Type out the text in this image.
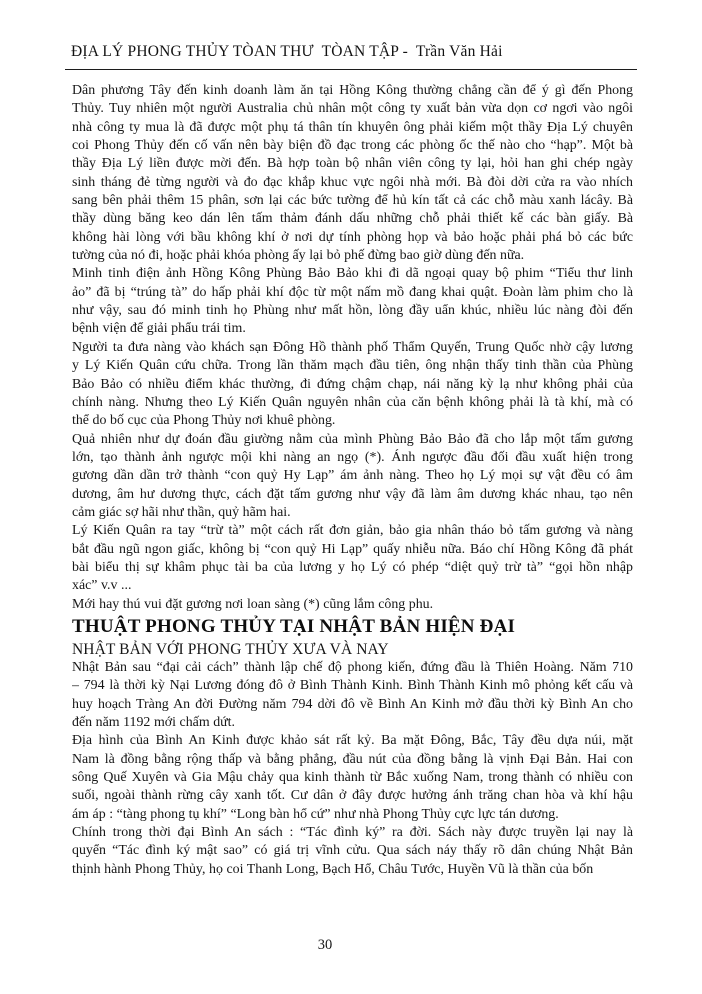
ĐỊA LÝ PHONG THỦY TÒAN THƯ  TÒAN TẬP -  Trần Văn Hải
Dân phương Tây đến kinh doanh làm ăn tại Hồng Kông thường chẳng cần để ý gì đến Phong
Thủy. Tuy nhiên một người Australia chủ nhân một công ty xuất bản vừa dọn cơ ngơi vào ngôi
nhà công ty mua là đã được một phụ tá thân tín khuyên ông phải kiếm một thầy Địa Lý chuyên
coi Phong Thủy đến cố vấn nên bày biện đồ đạc trong các phòng ốc thế nào cho “hạp”. Một bà
thầy Địa Lý liền được mời đến. Bà hợp toàn bộ nhân viên công ty lại, hỏi han ghi chép ngày
sinh tháng đẻ từng người và đo đạc khắp khuc vực ngôi nhà mới. Bà đòi dời cửa ra vào nhích
sang bên phải thêm 15 phân, sơn lại các bức tường để hủ kín tất cả các chỗ màu xanh lácây. Bà
thầy dùng băng keo dán lên tấm thảm đánh dấu những chỗ phải thiết kế các bàn giấy. Bà
không hài lòng với bầu không khí ở nơi dự tính phòng họp và bảo hoặc phải phá bỏ các bức
tường của nó đi, hoặc phải khóa phòng ấy lại bỏ phế đừng bao giờ dùng đến nữa.
Minh tinh điện ảnh Hồng Kông Phùng Bảo Bảo khi đi dã ngoại quay bộ phim “Tiểu thư linh
ảo” đã bị “trúng tà” do hấp phải khí độc từ một nấm mồ đang khai quật. Đoàn làm phim cho là
như vậy, sau đó minh tinh họ Phùng như mất hồn, lòng đầy uẩn khúc, nhiều lúc nàng đòi đến
bệnh viện để giải phẩu trái tim.
Người ta đưa nàng vào khách sạn Đông Hồ thành phố Thẩm Quyến, Trung Quốc nhờ cậy lương
y Lý Kiến Quân cứu chữa. Trong lần thăm mạch đầu tiên, ông nhận thấy tinh thần của Phùng
Bảo Bảo có nhiều điểm khác thường, đi đứng chậm chạp, nái năng kỳ lạ như không phải của
chính nàng. Nhưng theo Lý Kiến Quân nguyên nhân của căn bệnh không phải là tà khí, mà có
thể do bố cục của Phong Thủy nơi khuê phòng.
Quả nhiên như dự đoán đầu giường nằm của mình Phùng Bảo Bảo đã cho lắp một tấm gương
lớn, tạo thành ảnh ngược mội khi nàng an ngọ (*). Ánh ngược đầu đối đầu xuất hiện trong
gương dần dần trở thành “con quỷ Hy Lạp” ám ảnh nàng. Theo họ Lý mọi sự vật đều có âm
dương, âm hư dương thực, cách đặt tấm gương như vậy đã làm âm dương khác nhau, tạo nên
cảm giác sợ hãi như thần, quỷ hãm hai.
Lý Kiến Quân ra tay “trừ tà” một cách rất đơn giản, bảo gia nhân tháo bỏ tấm gương và nàng
bắt đầu ngũ ngon giấc, không bị “con quỷ Hi Lạp” quấy nhiễu nữa. Báo chí Hồng Kông đã phát
bài biểu thị sự khâm phục tài ba của lương y họ Lý có phép “diệt quỷ trừ tà” “gọi hồn nhập
xác” v.v ...
Mới hay thú vui đặt gương nơi loan sàng (*) cũng lắm công phu.
THUẬT PHONG THỦY TẠI NHẬT BẢN HIỆN ĐẠI
NHẬT BẢN VỚI PHONG THỦY XƯA VÀ NAY
Nhật Bản sau “đại cải cách” thành lập chế độ phong kiến, đứng đầu là Thiên Hoàng. Năm 710
– 794 là thời kỳ Nại Lương đóng đô ở Bình Thành Kinh. Bình Thành Kinh mô phỏng kết cấu và
huy hoạch Tràng An đời Đường năm 794 dời đô về Bình An Kinh mở đầu thời kỳ Bình An cho
đến năm 1192 mới chấm dứt.
Địa hình của Bình An Kinh được khảo sát rất kỷ. Ba mặt Đông, Bắc, Tây đều dựa núi, mặt
Nam là đồng bằng rộng thấp và bằng phẳng, đầu nút của đồng bằng là vịnh Đại Bản. Hai con
sông Quế Xuyên và Gia Mậu chảy qua kinh thành từ Bắc xuống Nam, trong thành có nhiều con
suối, ngoài thành rừng cây xanh tốt. Cư dân ở đây được hưởng ánh trăng chan hòa và khí hậu
ám áp : “tàng phong tụ khí” “Long bàn hổ cứ” như nhà Phong Thủy cực lực tán dương.
Chính trong thời đại Bình An sách : “Tác đình ký” ra đời. Sách này được truyền lại nay là
quyển “Tác đình ký mật sao” có giá trị vĩnh cửu. Qua sách náy thấy rõ dân chúng Nhật Bản
thịnh hành Phong Thủy, họ coi Thanh Long, Bạch Hổ, Châu Tước, Huyền Vũ là thần của bốn
30
